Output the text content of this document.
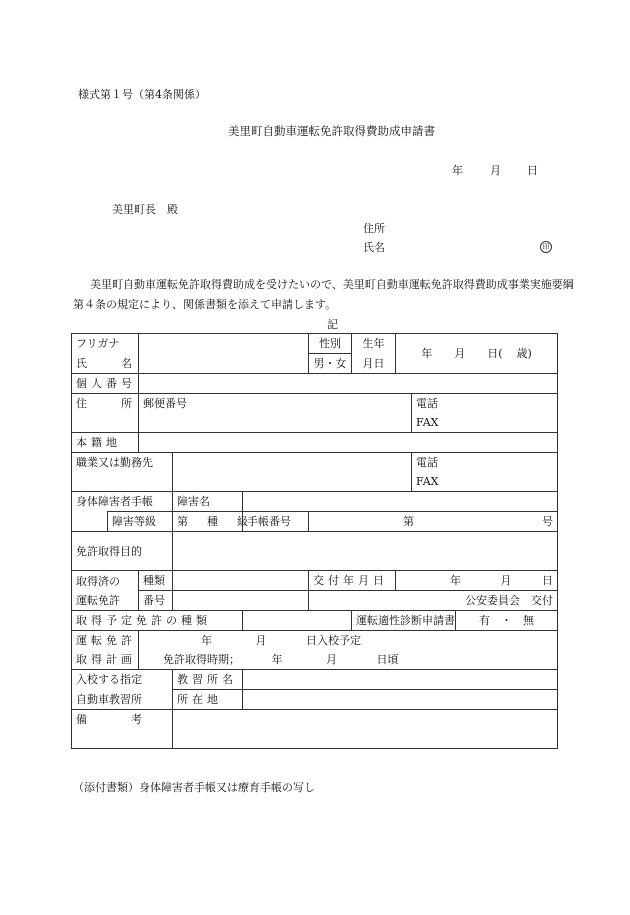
様式第１号（第4条関係）
美里町自動車運転免許取得費助成申請書
年 月 日
美里町長　殿
住所
氏名	印
美里町自動車運転免許取得費助成を受けたいので、美里町自動車運転免許取得費助成事業実施要綱
第４条の規定により、関係書類を添えて申請します。
記
フリガナ					性別	生年	年　　月　　日( 歳)		
氏　　名					男・女	月日			
個人番号									
住　　所		郵便番号						電話	
								FAX	
本籍地									
職業又は勤務先								電話	
								FAX	
身体障害者手帳			障害名						
	障害等級		第　種　級	手帳番号	第 号				

免許取得目的									
取得済の		種類			交付年月日		年 月 日		

運転免許		番号			公安委員会　交付				
取得予定免許の種類						運転適性診断申請書			有　・　無
運転免許		年 月 日入校予定							
取得計画		免許取得時期； 年 月 日頃							
入校する指定			教習所名						
自動車教習所			所在地						
備　　　　考									
（添付書類）身体障害者手帳又は療育手帳の写し
